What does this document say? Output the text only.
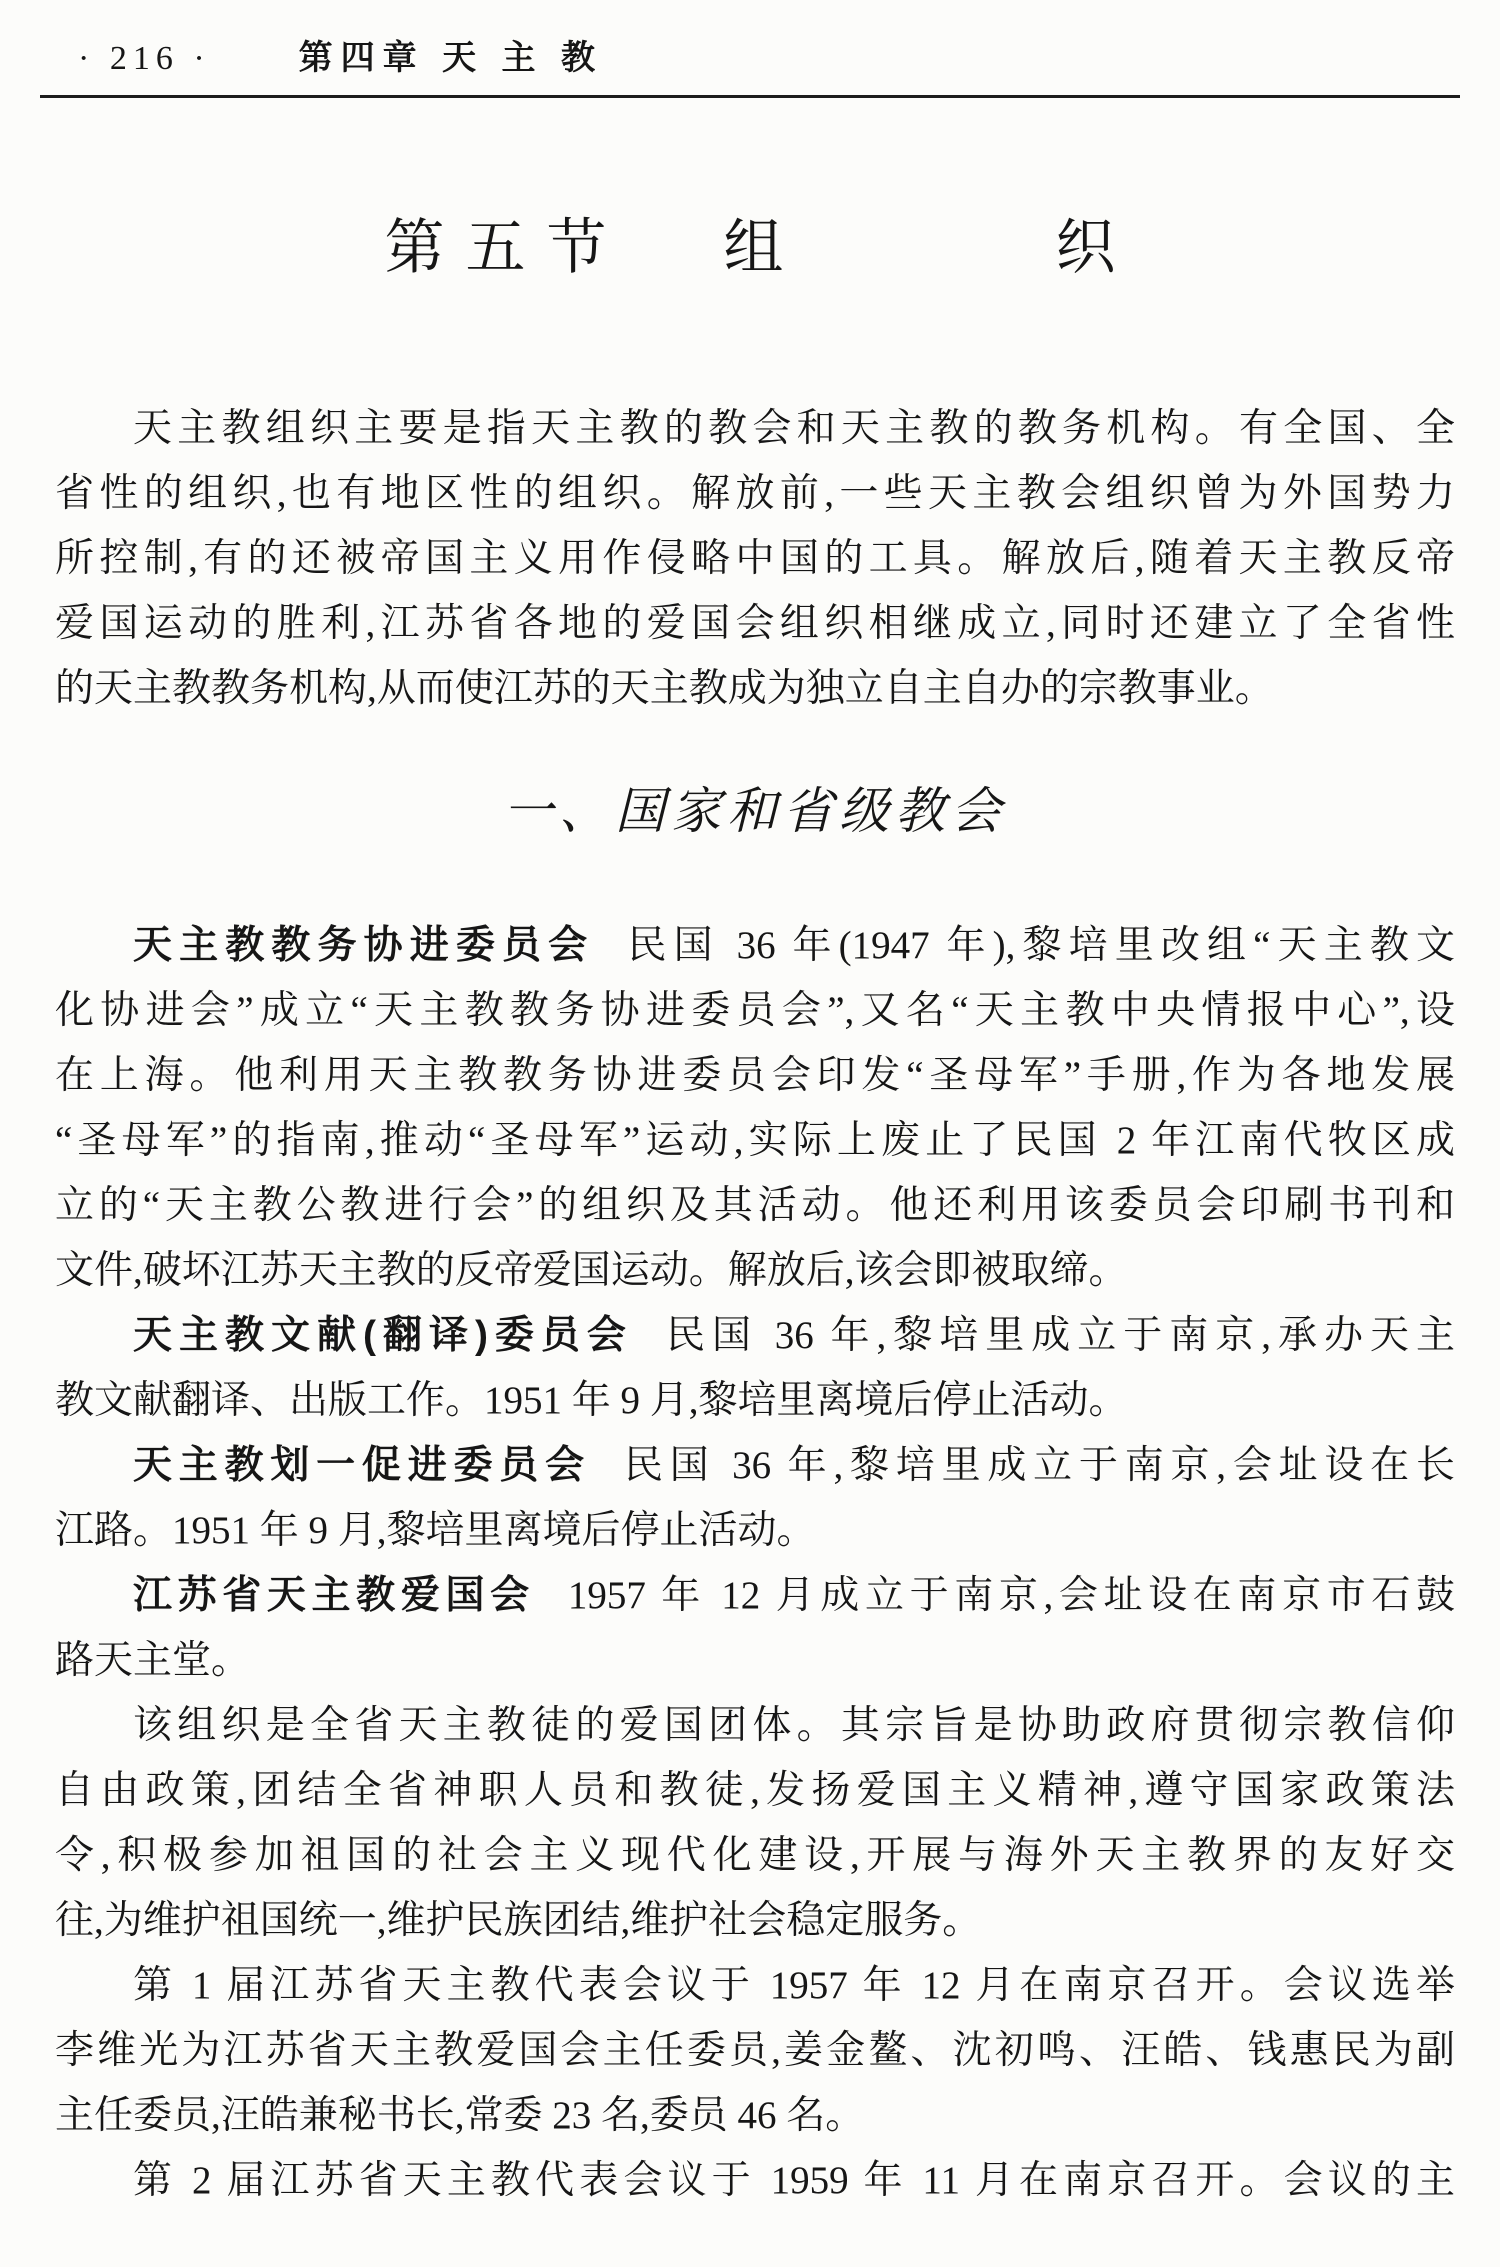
· 216 ·	第四章 天 主 教
第五节 组	织

天主教组织主要是指天主教的教会和天主教的教务机构。有全国、全

省性的组织,也有地区性的组织。解放前,一些天主教会组织曾为外国势力

所控制,有的还被帝国主义用作侵略中国的工具。解放后,随着天主教反帝

爱国运动的胜利,江苏省各地的爱国会组织相继成立,同时还建立了全省性

的天主教教务机构,从而使江苏的天主教成为独立自主自办的宗教事业。

一、国家和省级教会

天主教教务协进委员会 民国 36 年(1947 年),黎培里改组“天主教文

化协进会”成立“天主教教务协进委员会”,又名“天主教中央情报中心”,设

在上海。他利用天主教教务协进委员会印发“圣母军”手册,作为各地发展

“圣母军”的指南,推动“圣母军”运动,实际上废止了民国 2 年江南代牧区成

立的“天主教公教进行会”的组织及其活动。他还利用该委员会印刷书刊和

文件,破坏江苏天主教的反帝爱国运动。解放后,该会即被取缔。

天主教文献(翻译)委员会 民国 36 年,黎培里成立于南京,承办天主

教文献翻译、出版工作。1951 年 9 月,黎培里离境后停止活动。

天主教划一促进委员会 民国 36 年,黎培里成立于南京,会址设在长

江路。1951 年 9 月,黎培里离境后停止活动。

江苏省天主教爱国会 1957 年 12 月成立于南京,会址设在南京市石鼓

路天主堂。

该组织是全省天主教徒的爱国团体。其宗旨是协助政府贯彻宗教信仰

自由政策,团结全省神职人员和教徒,发扬爱国主义精神,遵守国家政策法

令,积极参加祖国的社会主义现代化建设,开展与海外天主教界的友好交

往,为维护祖国统一,维护民族团结,维护社会稳定服务。

第 1 届江苏省天主教代表会议于 1957 年 12 月在南京召开。会议选举

李维光为江苏省天主教爱国会主任委员,姜金鳌、沈初鸣、汪皓、钱惠民为副

主任委员,汪皓兼秘书长,常委 23 名,委员 46 名。

第 2 届江苏省天主教代表会议于 1959 年 11 月在南京召开。会议的主
